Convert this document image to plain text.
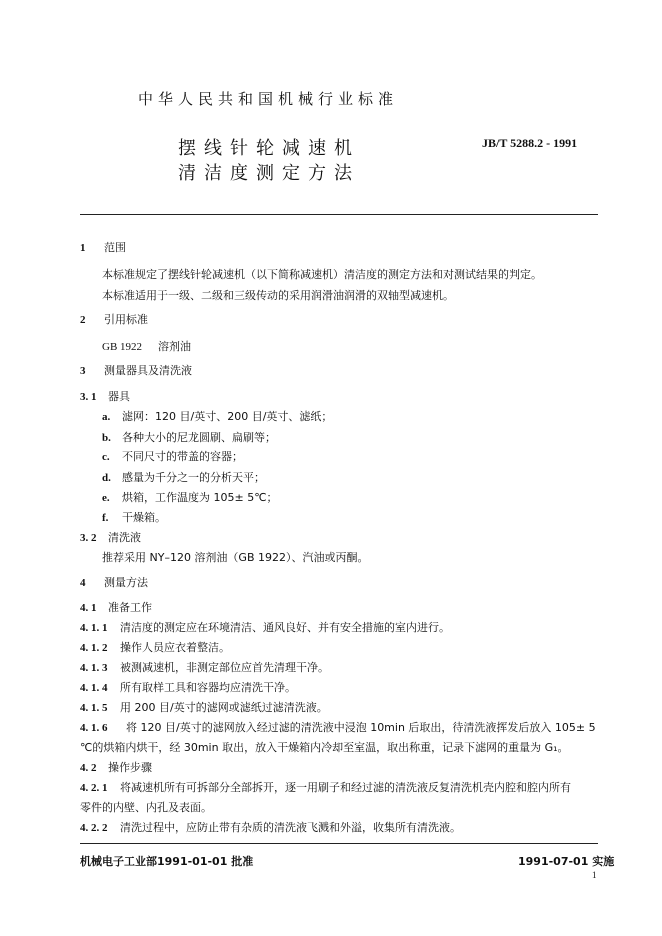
中华人民共和国机械行业标准
摆线针轮减速机
清洁度测定方法
JB/T 5288.2 - 1991
1 范围
本标准规定了摆线针轮减速机（以下简称减速机）清洁度的测定方法和对测试结果的判定。
本标准适用于一级、二级和三级传动的采用润滑油润滑的双轴型减速机。
2 引用标准
GB 1922 溶剂油
3 测量器具及清洗液
3. 1 器具
a. 滤网：120 目/英寸、200 目/英寸、滤纸；
b. 各种大小的尼龙圆刷、扁刷等；
c. 不同尺寸的带盖的容器；
d. 感量为千分之一的分析天平；
e. 烘箱，工作温度为 105± 5℃；
f. 干燥箱。
3. 2 清洗液
推荐采用 NY–120 溶剂油（GB 1922）、汽油或丙酮。
4 测量方法
4. 1 准备工作
4. 1. 1 清洁度的测定应在环境清洁、通风良好、并有安全措施的室内进行。
4. 1. 2 操作人员应衣着整洁。
4. 1. 3 被测减速机，非测定部位应首先清理干净。
4. 1. 4 所有取样工具和容器均应清洗干净。
4. 1. 5 用 200 目/英寸的滤网或滤纸过滤清洗液。
4. 1. 6 将 120 目/英寸的滤网放入经过滤的清洗液中浸泡 10min 后取出，待清洗液挥发后放入 105± 5
℃的烘箱内烘干，经 30min 取出，放入干燥箱内冷却至室温，取出称重，记录下滤网的重量为 G₁。
4. 2 操作步骤
4. 2. 1 将减速机所有可拆部分全部拆开，逐一用刷子和经过滤的清洗液反复清洗机壳内腔和腔内所有
零件的内壁、内孔及表面。
4. 2. 2 清洗过程中，应防止带有杂质的清洗液飞溅和外溢，收集所有清洗液。
机械电子工业部1991-01-01 批准	1991-07-01 实施
1
